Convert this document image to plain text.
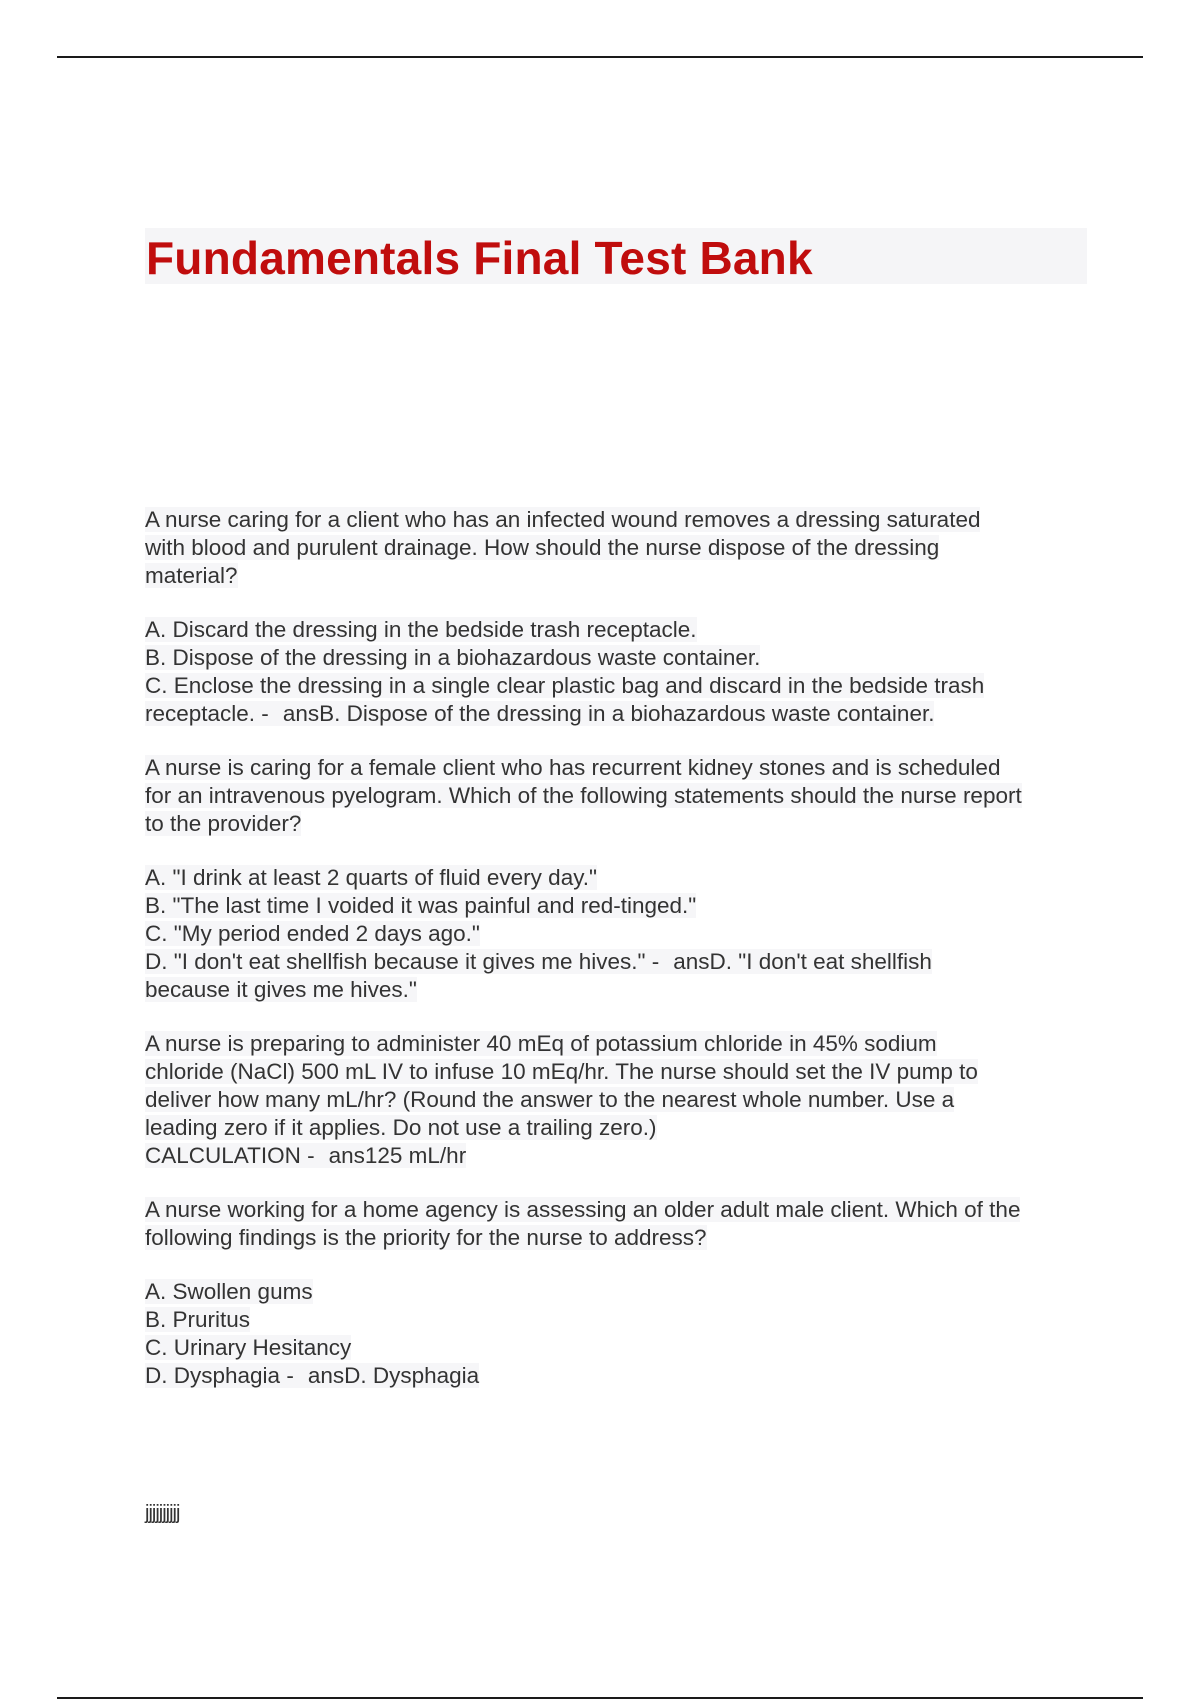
Fundamentals Final Test Bank
A nurse caring for a client who has an infected wound removes a dressing saturated
with blood and purulent drainage. How should the nurse dispose of the dressing
material?
A. Discard the dressing in the bedside trash receptacle.
B. Dispose of the dressing in a biohazardous waste container.
C. Enclose the dressing in a single clear plastic bag and discard in the bedside trash
receptacle. - ansB. Dispose of the dressing in a biohazardous waste container.
A nurse is caring for a female client who has recurrent kidney stones and is scheduled
for an intravenous pyelogram. Which of the following statements should the nurse report
to the provider?
A. "I drink at least 2 quarts of fluid every day."
B. "The last time I voided it was painful and red-tinged."
C. "My period ended 2 days ago."
D. "I don't eat shellfish because it gives me hives." - ansD. "I don't eat shellfish
because it gives me hives."
A nurse is preparing to administer 40 mEq of potassium chloride in 45% sodium
chloride (NaCl) 500 mL IV to infuse 10 mEq/hr. The nurse should set the IV pump to
deliver how many mL/hr? (Round the answer to the nearest whole number. Use a
leading zero if it applies. Do not use a trailing zero.)
CALCULATION - ans125 mL/hr
A nurse working for a home agency is assessing an older adult male client. Which of the
following findings is the priority for the nurse to address?
A. Swollen gums
B. Pruritus
C. Urinary Hesitancy
D. Dysphagia - ansD. Dysphagia
jjjjjjjjjj
